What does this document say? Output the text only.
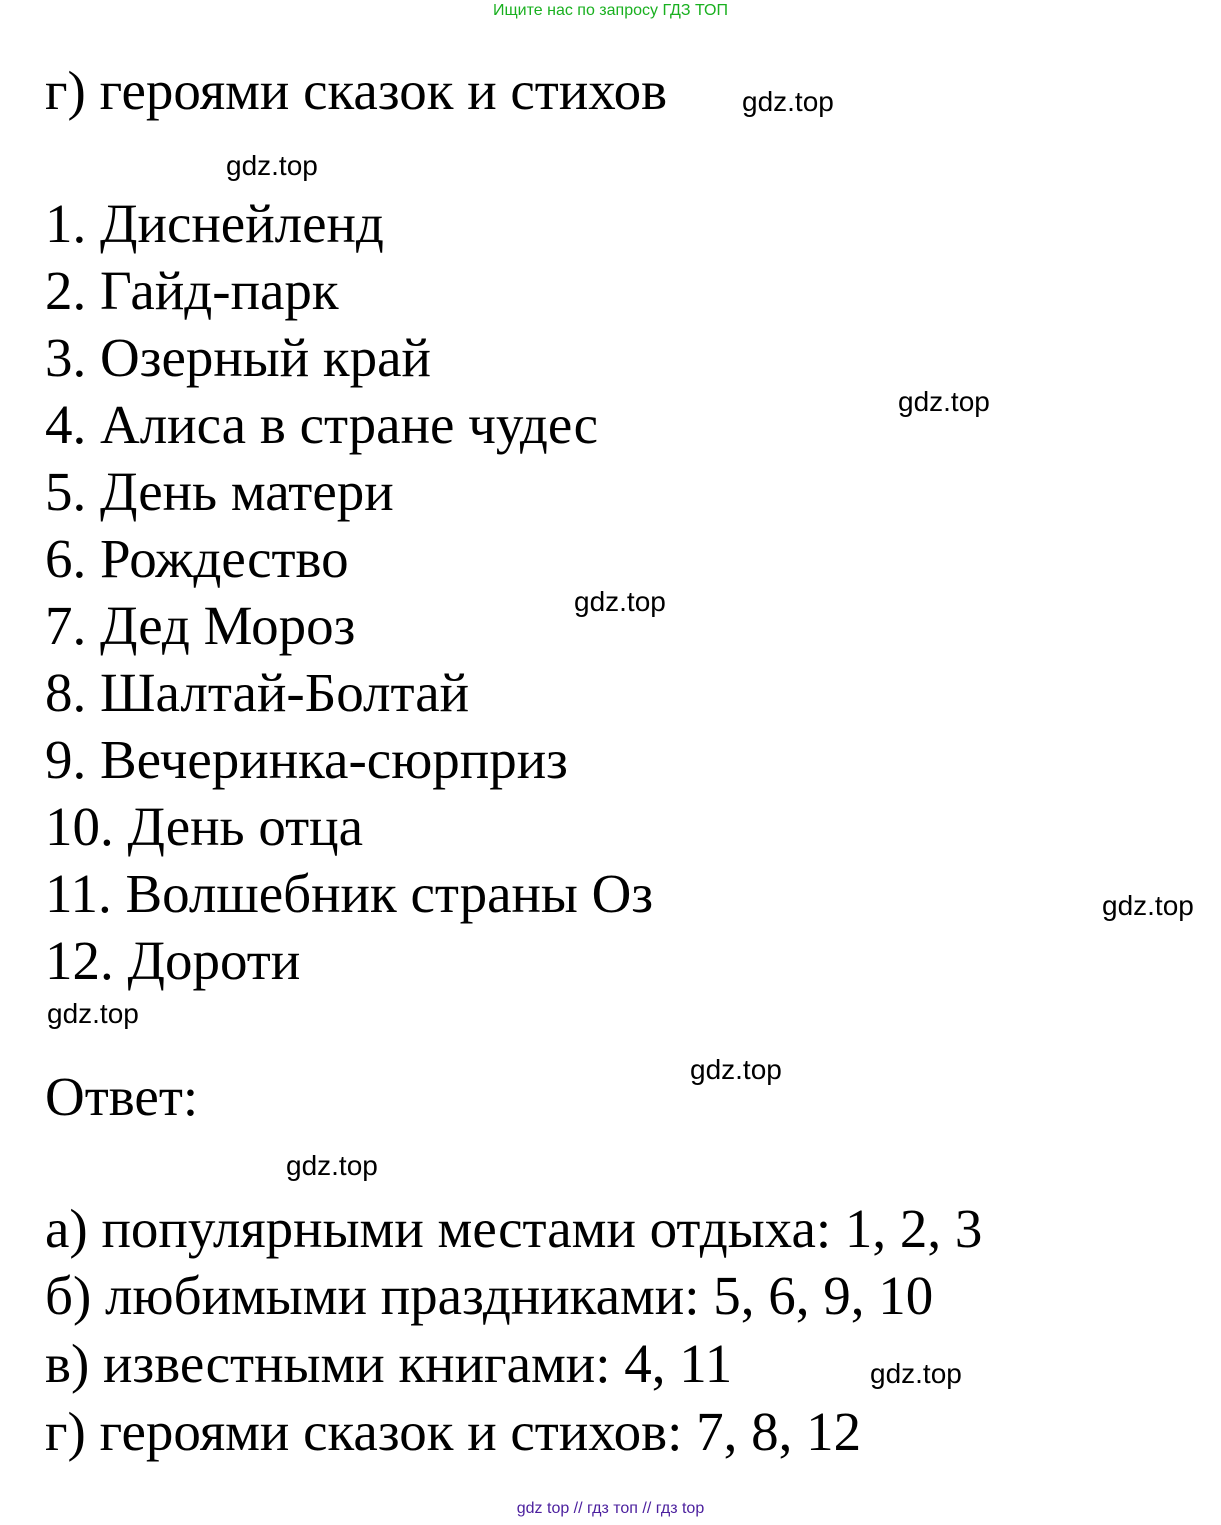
Ищите нас по запросу ГДЗ ТОП
г) героями сказок и стихов
1. Диснейленд
2. Гайд-парк
3. Озерный край
4. Алиса в стране чудес
5. День матери
6. Рождество
7. Дед Мороз
8. Шалтай-Болтай
9. Вечеринка-сюрприз
10. День отца
11. Волшебник страны Оз
12. Дороти
Ответ:
а) популярными местами отдыха: 1, 2, 3
б) любимыми праздниками: 5, 6, 9, 10
в) известными книгами: 4, 11
г) героями сказок и стихов: 7, 8, 12
gdz.top
gdz.top
gdz.top
gdz.top
gdz.top
gdz.top
gdz.top
gdz.top
gdz.top
gdz top // гдз топ // гдз top
